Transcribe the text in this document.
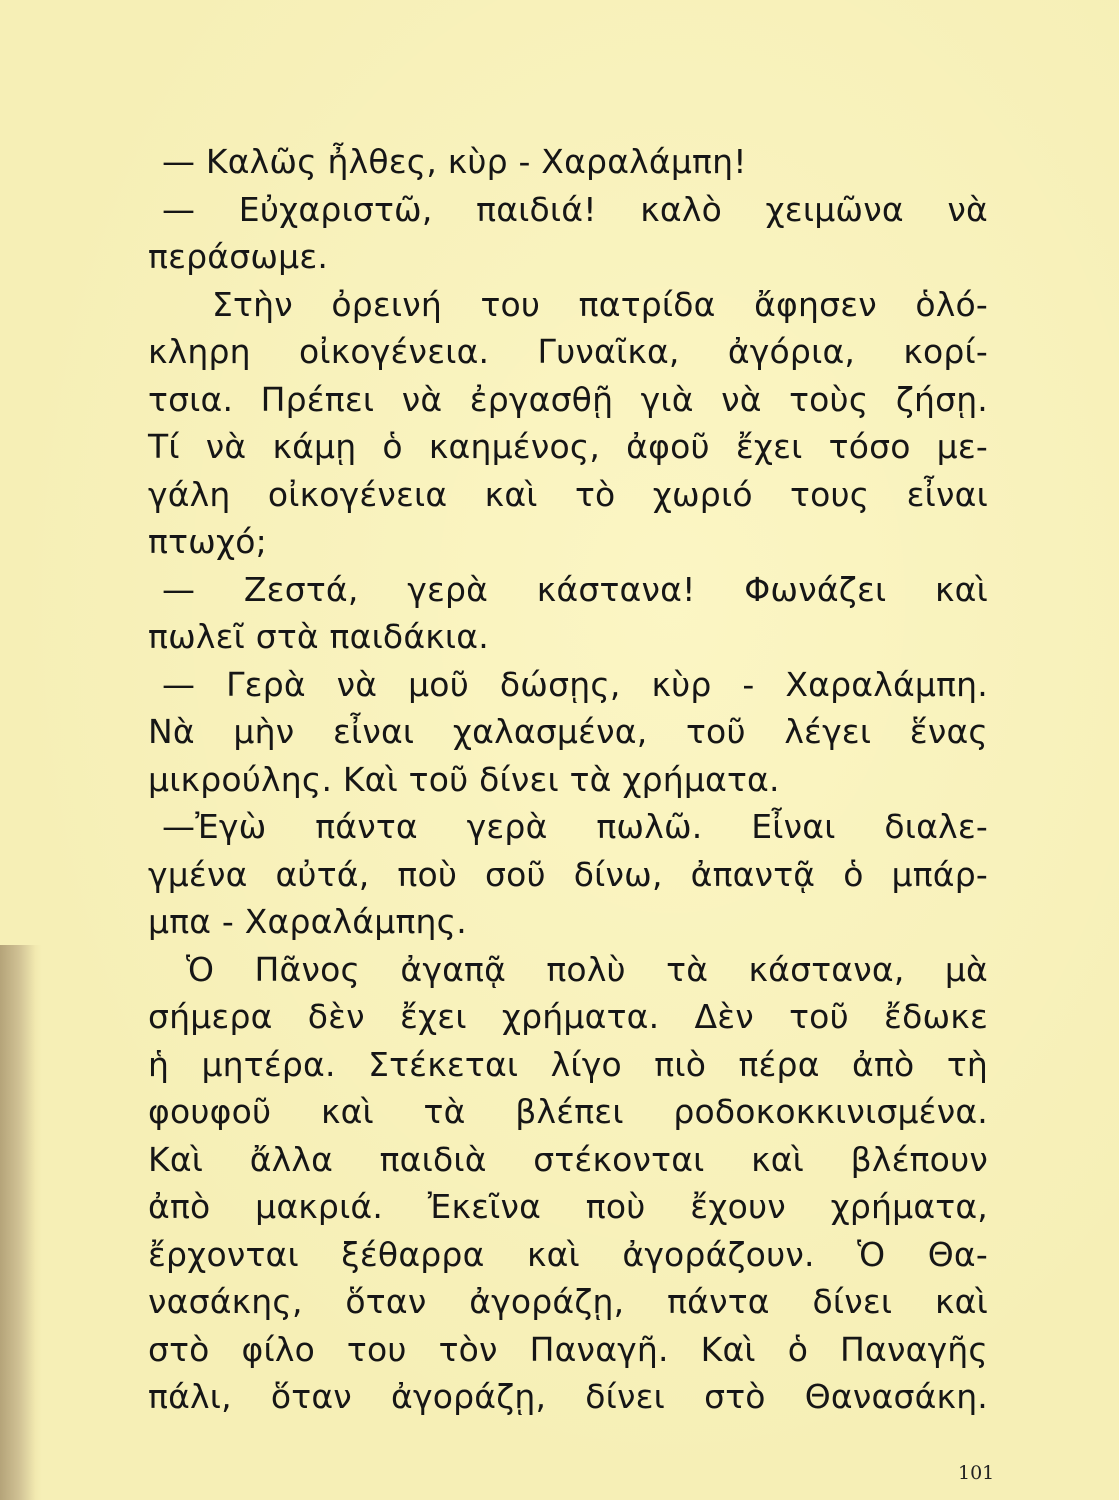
— Καλῶς ἦλθες, κὺρ - Χαραλάμπη!
— Εὐχαριστῶ, παιδιά! καλὸ χειμῶνα νὰ
περάσωμε.
Στὴν ὀρεινή του πατρίδα ἄφησεν ὁλό-
κληρη οἰκογένεια. Γυναῖκα, ἀγόρια, κορί-
τσια. Πρέπει νὰ ἐργασθῇ γιὰ νὰ τοὺς ζήσῃ.
Τί νὰ κάμῃ ὁ καημένος, ἀφοῦ ἔχει τόσο με-
γάλη οἰκογένεια καὶ τὸ χωριό τους εἶναι
πτωχό;
— Ζεστά, γερὰ κάστανα! Φωνάζει καὶ
πωλεῖ στὰ παιδάκια.
— Γερὰ νὰ μοῦ δώσῃς, κὺρ - Χαραλάμπη.
Νὰ μὴν εἶναι χαλασμένα, τοῦ λέγει ἕνας
μικρούλης. Καὶ τοῦ δίνει τὰ χρήματα.
—Ἐγὼ πάντα γερὰ πωλῶ. Εἶναι διαλε-
γμένα αὐτά, ποὺ σοῦ δίνω, ἀπαντᾷ ὁ μπάρ-
μπα - Χαραλάμπης.
Ὁ Πᾶνος ἀγαπᾷ πολὺ τὰ κάστανα, μὰ
σήμερα δὲν ἔχει χρήματα. Δὲν τοῦ ἔδωκε
ἡ μητέρα. Στέκεται λίγο πιὸ πέρα ἀπὸ τὴ
φουφοῦ καὶ τὰ βλέπει ροδοκοκκινισμένα.
Καὶ ἄλλα παιδιὰ στέκονται καὶ βλέπουν
ἀπὸ μακριά. Ἐκεῖνα ποὺ ἔχουν χρήματα,
ἔρχονται ξέθαρρα καὶ ἀγοράζουν. Ὁ Θα-
νασάκης, ὅταν ἀγοράζῃ, πάντα δίνει καὶ
στὸ φίλο του τὸν Παναγῆ. Καὶ ὁ Παναγῆς
πάλι, ὅταν ἀγοράζῃ, δίνει στὸ Θανασάκη.
101
